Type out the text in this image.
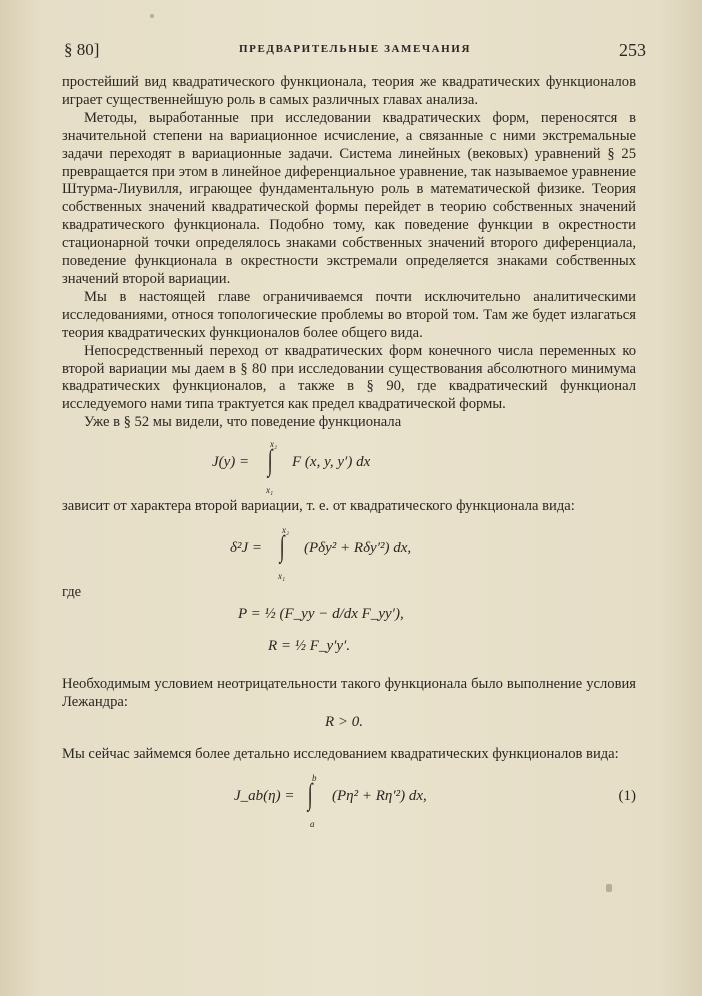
§ 80]	ПРЕДВАРИТЕЛЬНЫЕ ЗАМЕЧАНИЯ	253

простейший вид квадратического функционала, теория же квадратических функционалов играет существеннейшую роль в самых различных главах анализа.

Методы, выработанные при исследовании квадратических форм, переносятся в значительной степени на вариационное исчисление, а связанные с ними экстремальные задачи переходят в вариационные задачи. Система линейных (вековых) уравнений § 25 превращается при этом в линейное диференциальное уравнение, так называемое уравнение Штурма-Лиувилля, играющее фундаментальную роль в математической физике. Теория собственных значений квадратической формы перейдет в теорию собственных значений квадратического функционала. Подобно тому, как поведение функции в окрестности стационарной точки определялось знаками собственных значений второго диференциала, поведение функционала в окрестности экстремали определяется знаками собственных значений второй вариации.

Мы в настоящей главе ограничиваемся почти исключительно аналитическими исследованиями, относя топологические проблемы во второй том. Там же будет излагаться теория квадратических функционалов более общего вида.

Непосредственный переход от квадратических форм конечного числа переменных ко второй вариации мы даем в § 80 при исследовании существования абсолютного минимума квадратических функционалов, а также в § 90, где квадратический функционал исследуемого нами типа трактуется как предел квадратической формы.

Уже в § 52 мы видели, что поведение функционала

J(y) = ∫
x₂
x₁
F (x, y, y′) dx

зависит от характера второй вариации, т. е. от квадратического функционала вида:

δ²J = ∫
x₂
x₁
(Pδy² + Rδy′²) dx,

где

P = ½ (F_yy − d/dx F_yy′),
R = ½ F_y′y′.

Необходимым условием неотрицательности такого функционала было выполнение условия Лежандра:

R > 0.

Мы сейчас займемся более детально исследованием квадратических функционалов вида:

J_ab(η) = ∫ b
a
(Pη² + Rη′²) dx,	(1)
